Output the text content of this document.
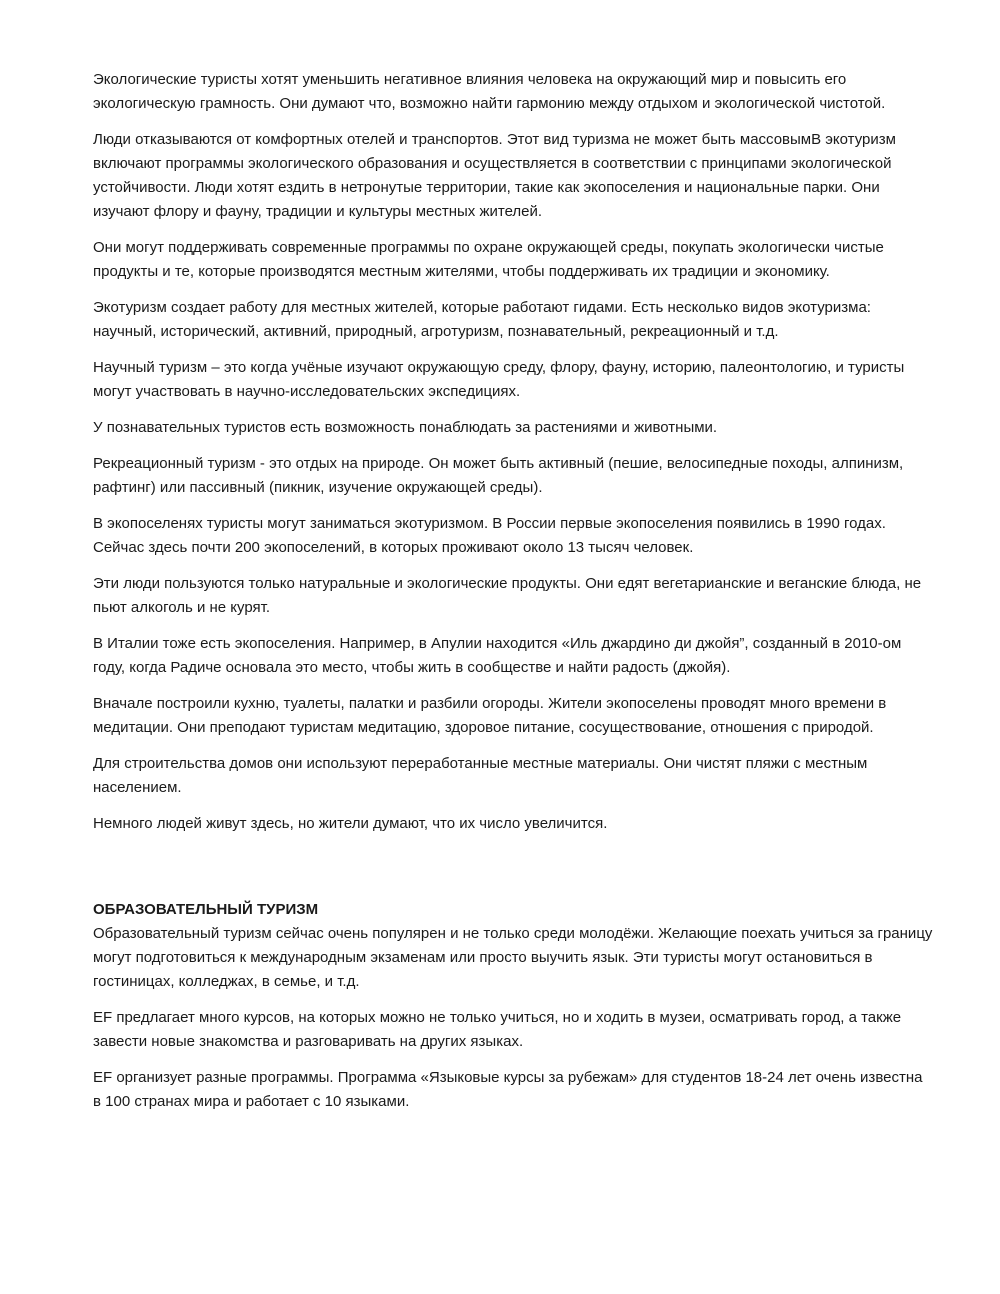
Экологические туристы хотят уменьшить негативное влияния человека на окружающий мир и повысить его экологическую грамность. Они думают что, возможно найти гармонию между отдыхом и экологической чистотой.

Люди отказываются от комфортных отелей и транспортов. Этот вид туризма не может быть массовымВ экотуризм включают программы экологического образования и осуществляется в соответствии с принципами экологической устойчивости. Люди хотят ездить в нетронутые территории, такие как экопоселения и национальные парки. Они изучают флору и фауну, традиции и культуры местных жителей.

Они могут поддерживать современные программы по охране окружающей среды, покупать экологически чистые продукты и те, которые производятся местным жителями, чтобы поддерживать их традиции и экономику.

Экотуризм создает работу для местных жителей, которые работают гидами. Есть несколько видов экотуризма: научный, исторический, активний, природный, агротуризм, познавательный, рекреационный и т.д.

Научный туризм – это когда учёные изучают окружающую среду, флору, фауну, историю, палеонтологию, и туристы могут участвовать в научно-исследовательских экспедициях.

У познавательных туристов есть возможность понаблюдать за растениями и животными.

Рекреационный туризм - это отдых на природе. Он может быть активный (пешие, велосипедные походы, алпинизм, рафтинг) или пассивный (пикник, изучение окружающей среды).

В экопоселенях туристы могут заниматься экотуризмом. В России первые экопоселения появились в 1990 годах. Сейчас здесь почти 200 экопоселений, в которых проживают около 13 тысяч человек.

Эти люди пользуются только натуральные и экологические продукты. Они едят вегетарианские и веганские блюда, не пьют алкоголь и не курят.

В Италии тоже есть экопоселения. Например, в Апулии находится «Иль джардино ди джойя”, созданный в 2010-ом году, когда Радиче основала это место, чтобы жить в сообществе и найти радость (джойя).

Вначале построили кухню, туалеты, палатки и разбили огороды. Жители экопоселены проводят много времени в медитации. Они преподают туристам медитацию, здоровое питание, сосуществование, отношения с природой.

Для строительства домов они используют переработанные местные материалы. Они чистят пляжи с местным населением.

Немного людей живут здесь, но жители думают, что их число увеличится.

ОБРАЗОВАТЕЛЬНЫЙ ТУРИЗМ

Образовательный туризм сейчас очень популярен и не только среди молодёжи. Желающие поехать учиться за границу могут подготовиться к международным экзаменам или просто выучить язык. Эти туристы могут остановиться в гостиницах, колледжах, в семье, и т.д.

EF предлагает много курсов, на которых можно не только учиться, но и ходить в музеи, осматривать город, а также завести новые знакомства и разговаривать на других языках.

EF организует разные программы. Программа «Языковые курсы за рубежам» для студентов 18-24 лет очень известна в 100 странах мира и работает с 10 языками.
